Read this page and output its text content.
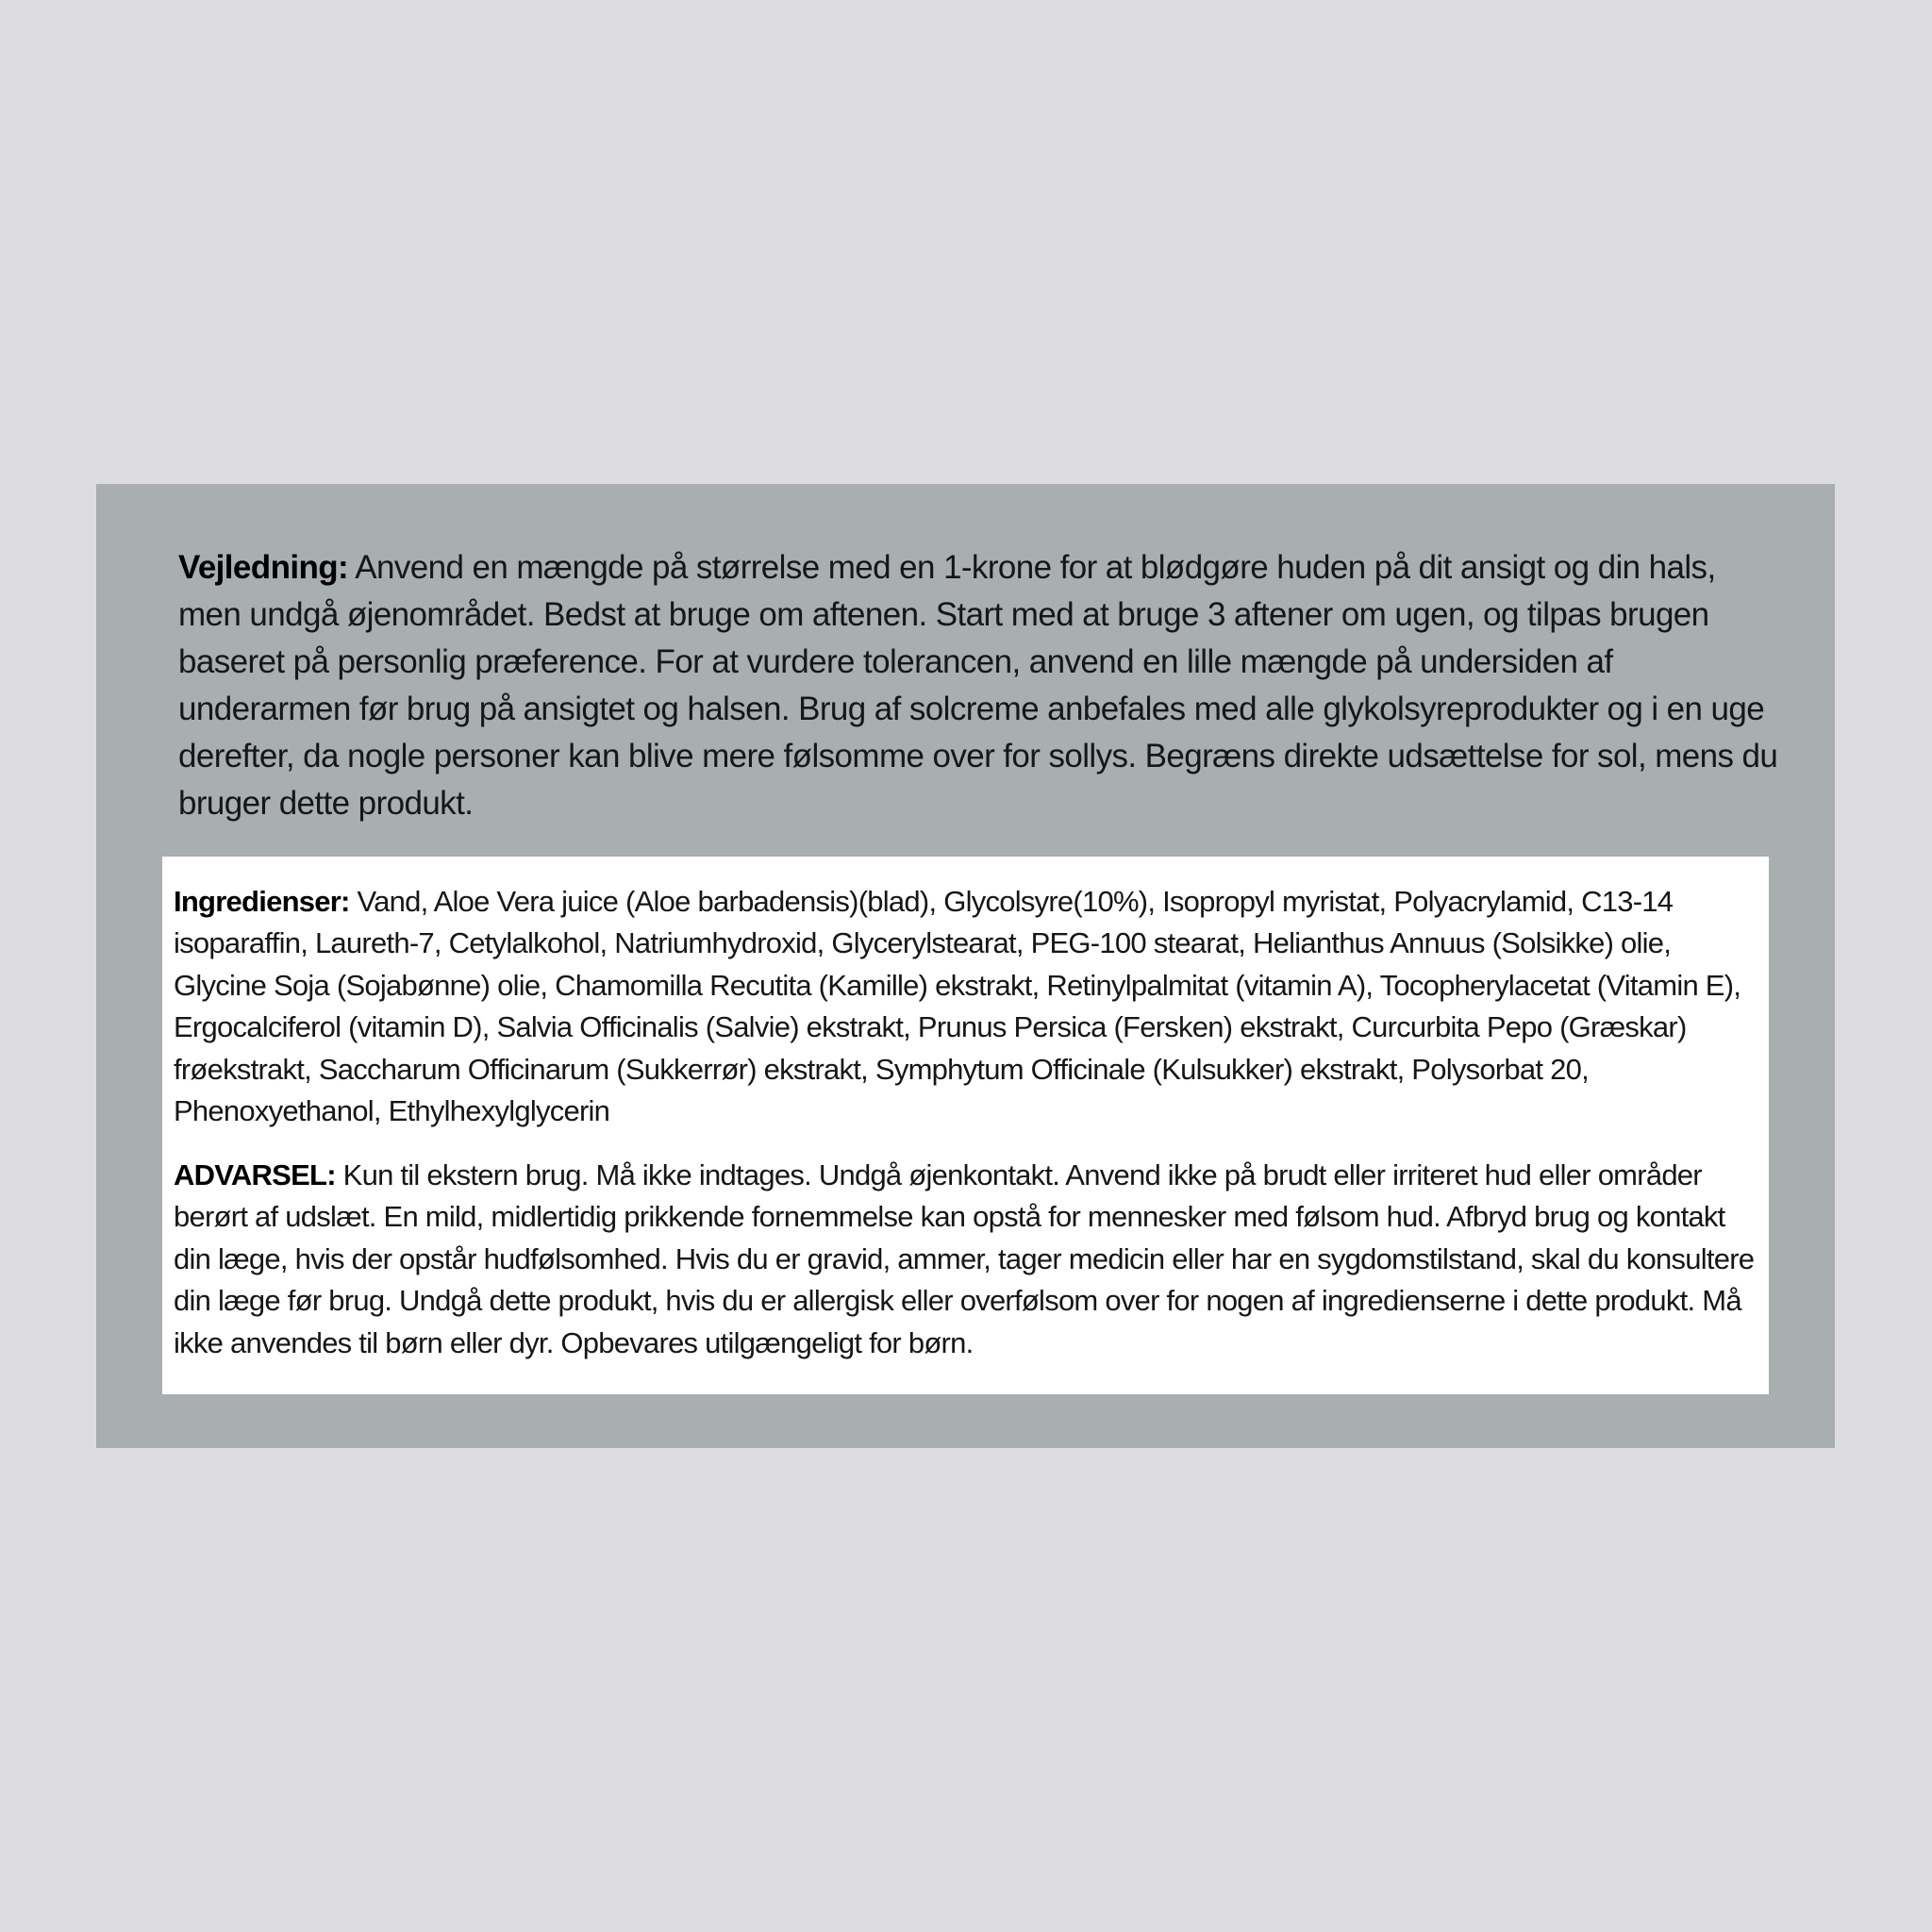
Vejledning: Anvend en mængde på størrelse med en 1-krone for at blødgøre huden på dit ansigt og din hals, men undgå øjenområdet. Bedst at bruge om aftenen. Start med at bruge 3 aftener om ugen, og tilpas brugen baseret på personlig præference. For at vurdere tolerancen, anvend en lille mængde på undersiden af underarmen før brug på ansigtet og halsen. Brug af solcreme anbefales med alle glykolsyreprodukter og i en uge derefter, da nogle personer kan blive mere følsomme over for sollys. Begræns direkte udsættelse for sol, mens du bruger dette produkt.

Ingredienser: Vand, Aloe Vera juice (Aloe barbadensis)(blad), Glycolsyre(10%), Isopropyl myristat, Polyacrylamid, C13-14 isoparaffin, Laureth-7, Cetylalkohol, Natriumhydroxid, Glycerylstearat, PEG-100 stearat, Helianthus Annuus (Solsikke) olie, Glycine Soja (Sojabønne) olie, Chamomilla Recutita (Kamille) ekstrakt, Retinylpalmitat (vitamin A), Tocopherylacetat (Vitamin E), Ergocalciferol (vitamin D), Salvia Officinalis (Salvie) ekstrakt, Prunus Persica (Fersken) ekstrakt, Curcurbita Pepo (Græskar) frøekstrakt, Saccharum Officinarum (Sukkerrør) ekstrakt, Symphytum Officinale (Kulsukker) ekstrakt, Polysorbat 20, Phenoxyethanol, Ethylhexylglycerin

ADVARSEL: Kun til ekstern brug. Må ikke indtages. Undgå øjenkontakt. Anvend ikke på brudt eller irriteret hud eller områder berørt af udslæt. En mild, midlertidig prikkende fornemmelse kan opstå for mennesker med følsom hud. Afbryd brug og kontakt din læge, hvis der opstår hudfølsomhed. Hvis du er gravid, ammer, tager medicin eller har en sygdomstilstand, skal du konsultere din læge før brug. Undgå dette produkt, hvis du er allergisk eller overfølsom over for nogen af ingredienserne i dette produkt. Må ikke anvendes til børn eller dyr. Opbevares utilgængeligt for børn.
